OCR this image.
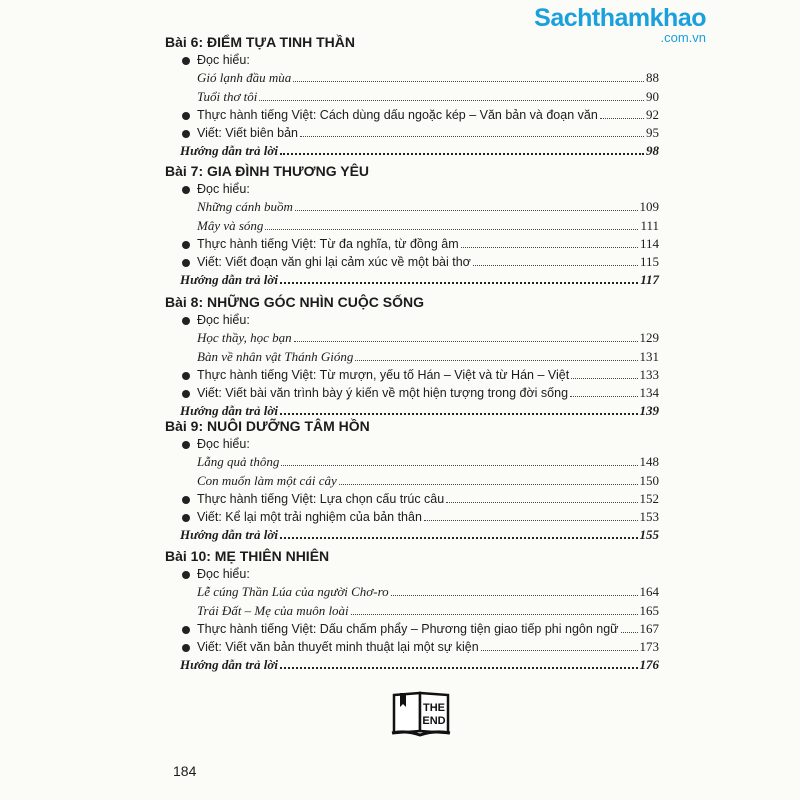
Sachthamkhao
.com.vn
Bài 6: ĐIỂM TỰA TINH THẦN
Đọc hiểu:
Gió lạnh đầu mùa	88
Tuổi thơ tôi	90
Thực hành tiếng Việt: Cách dùng dấu ngoặc kép – Văn bản và đoạn văn	92
Viết: Viết biên bản	95
Hướng dẫn trả lời	98
Bài 7: GIA ĐÌNH THƯƠNG YÊU
Đọc hiểu:
Những cánh buồm	109
Mây và sóng	111
Thực hành tiếng Việt: Từ đa nghĩa, từ đồng âm	114
Viết: Viết đoạn văn ghi lại cảm xúc về một bài thơ	115
Hướng dẫn trả lời	117
Bài 8: NHỮNG GÓC NHÌN CUỘC SỐNG
Đọc hiểu:
Học thầy, học bạn	129
Bàn về nhân vật Thánh Gióng	131
Thực hành tiếng Việt: Từ mượn, yếu tố Hán – Việt và từ Hán – Việt	133
Viết: Viết bài văn trình bày ý kiến về một hiện tượng trong đời sống	134
Hướng dẫn trả lời	139
Bài 9: NUÔI DƯỠNG TÂM HỒN
Đọc hiểu:
Lẵng quả thông	148
Con muốn làm một cái cây	150
Thực hành tiếng Việt: Lựa chọn cấu trúc câu	152
Viết: Kể lại một trải nghiệm của bản thân	153
Hướng dẫn trả lời	155
Bài 10: MẸ THIÊN NHIÊN
Đọc hiểu:
Lễ cúng Thần Lúa của người Chơ-ro	164
Trái Đất – Mẹ của muôn loài	165
Thực hành tiếng Việt: Dấu chấm phẩy – Phương tiện giao tiếp phi ngôn ngữ 167
Viết: Viết văn bản thuyết minh thuật lại một sự kiện	173
Hướng dẫn trả lời	176
THE
END
184
